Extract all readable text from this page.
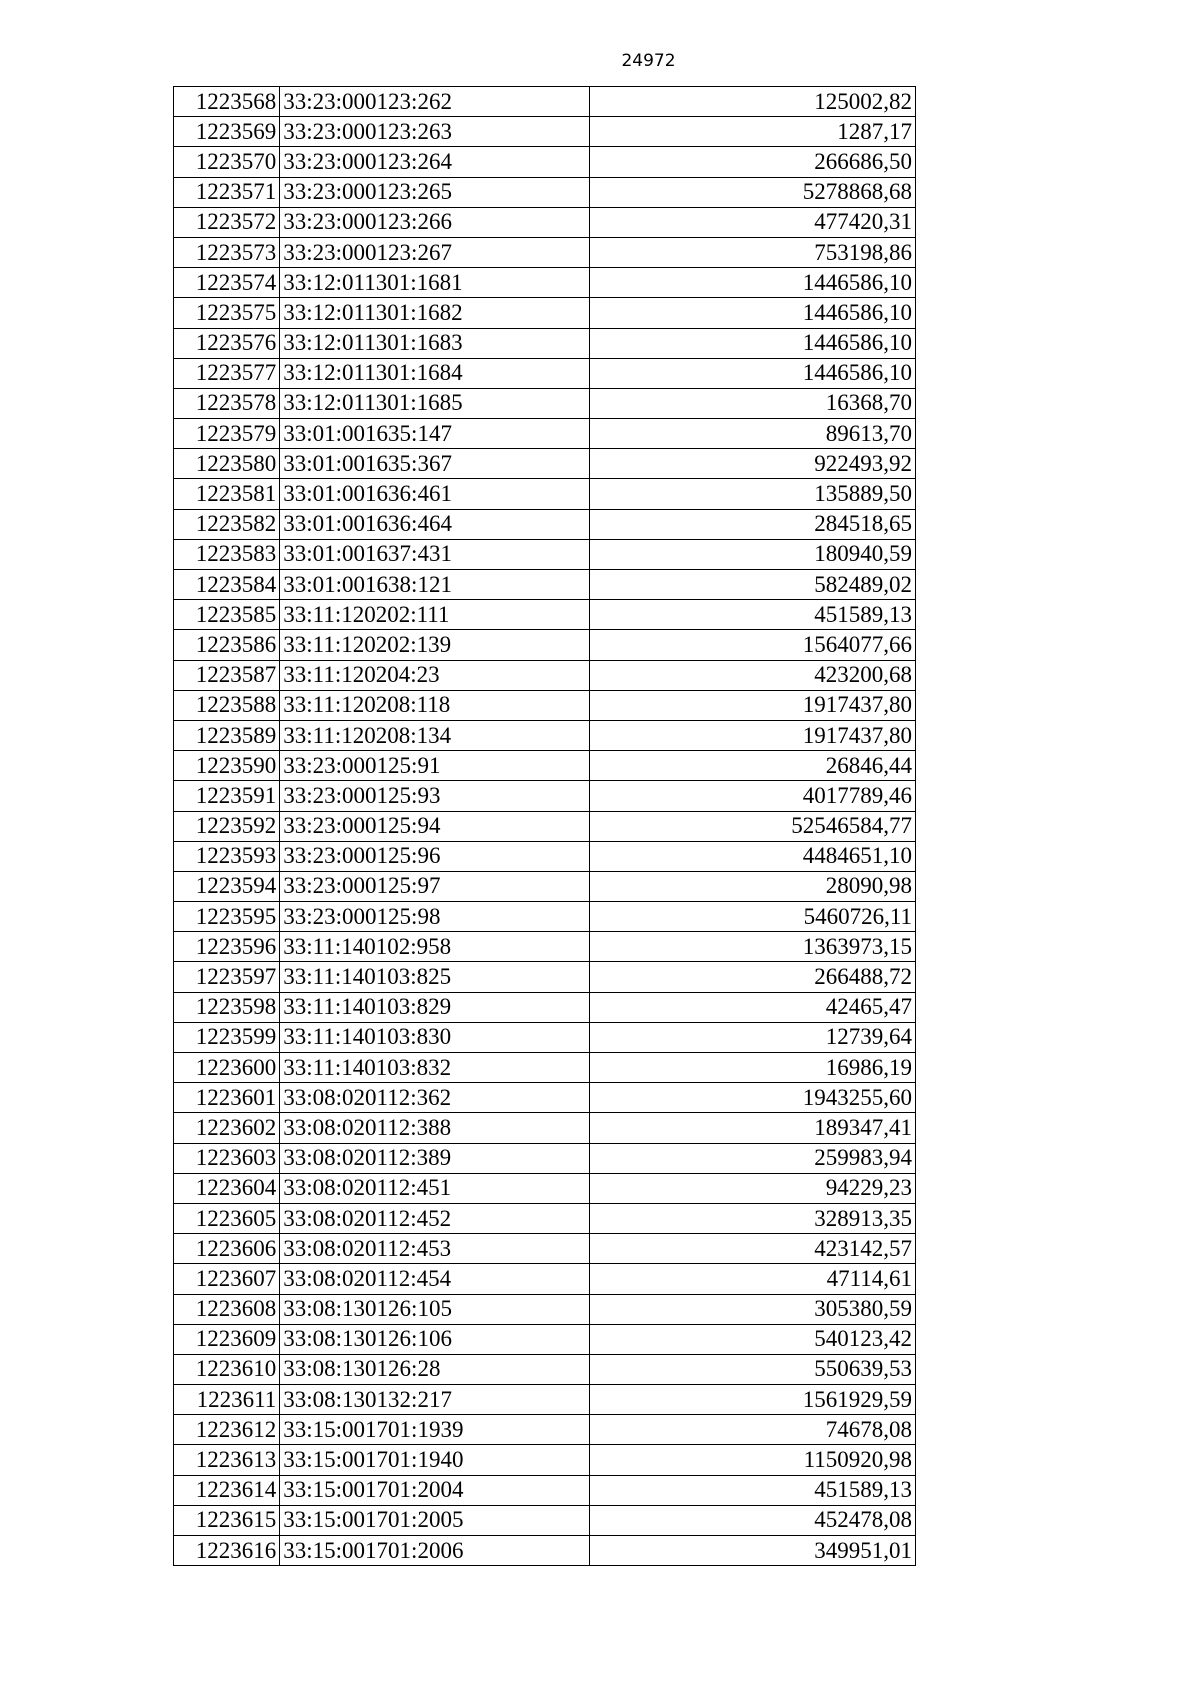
24972
1223568	33:23:000123:262	125002,82
1223569	33:23:000123:263	1287,17
1223570	33:23:000123:264	266686,50
1223571	33:23:000123:265	5278868,68
1223572	33:23:000123:266	477420,31
1223573	33:23:000123:267	753198,86
1223574	33:12:011301:1681	1446586,10
1223575	33:12:011301:1682	1446586,10
1223576	33:12:011301:1683	1446586,10
1223577	33:12:011301:1684	1446586,10
1223578	33:12:011301:1685	16368,70
1223579	33:01:001635:147	89613,70
1223580	33:01:001635:367	922493,92
1223581	33:01:001636:461	135889,50
1223582	33:01:001636:464	284518,65
1223583	33:01:001637:431	180940,59
1223584	33:01:001638:121	582489,02
1223585	33:11:120202:111	451589,13
1223586	33:11:120202:139	1564077,66
1223587	33:11:120204:23	423200,68
1223588	33:11:120208:118	1917437,80
1223589	33:11:120208:134	1917437,80
1223590	33:23:000125:91	26846,44
1223591	33:23:000125:93	4017789,46
1223592	33:23:000125:94	52546584,77
1223593	33:23:000125:96	4484651,10
1223594	33:23:000125:97	28090,98
1223595	33:23:000125:98	5460726,11
1223596	33:11:140102:958	1363973,15
1223597	33:11:140103:825	266488,72
1223598	33:11:140103:829	42465,47
1223599	33:11:140103:830	12739,64
1223600	33:11:140103:832	16986,19
1223601	33:08:020112:362	1943255,60
1223602	33:08:020112:388	189347,41
1223603	33:08:020112:389	259983,94
1223604	33:08:020112:451	94229,23
1223605	33:08:020112:452	328913,35
1223606	33:08:020112:453	423142,57
1223607	33:08:020112:454	47114,61
1223608	33:08:130126:105	305380,59
1223609	33:08:130126:106	540123,42
1223610	33:08:130126:28	550639,53
1223611	33:08:130132:217	1561929,59
1223612	33:15:001701:1939	74678,08
1223613	33:15:001701:1940	1150920,98
1223614	33:15:001701:2004	451589,13
1223615	33:15:001701:2005	452478,08
1223616	33:15:001701:2006	349951,01
